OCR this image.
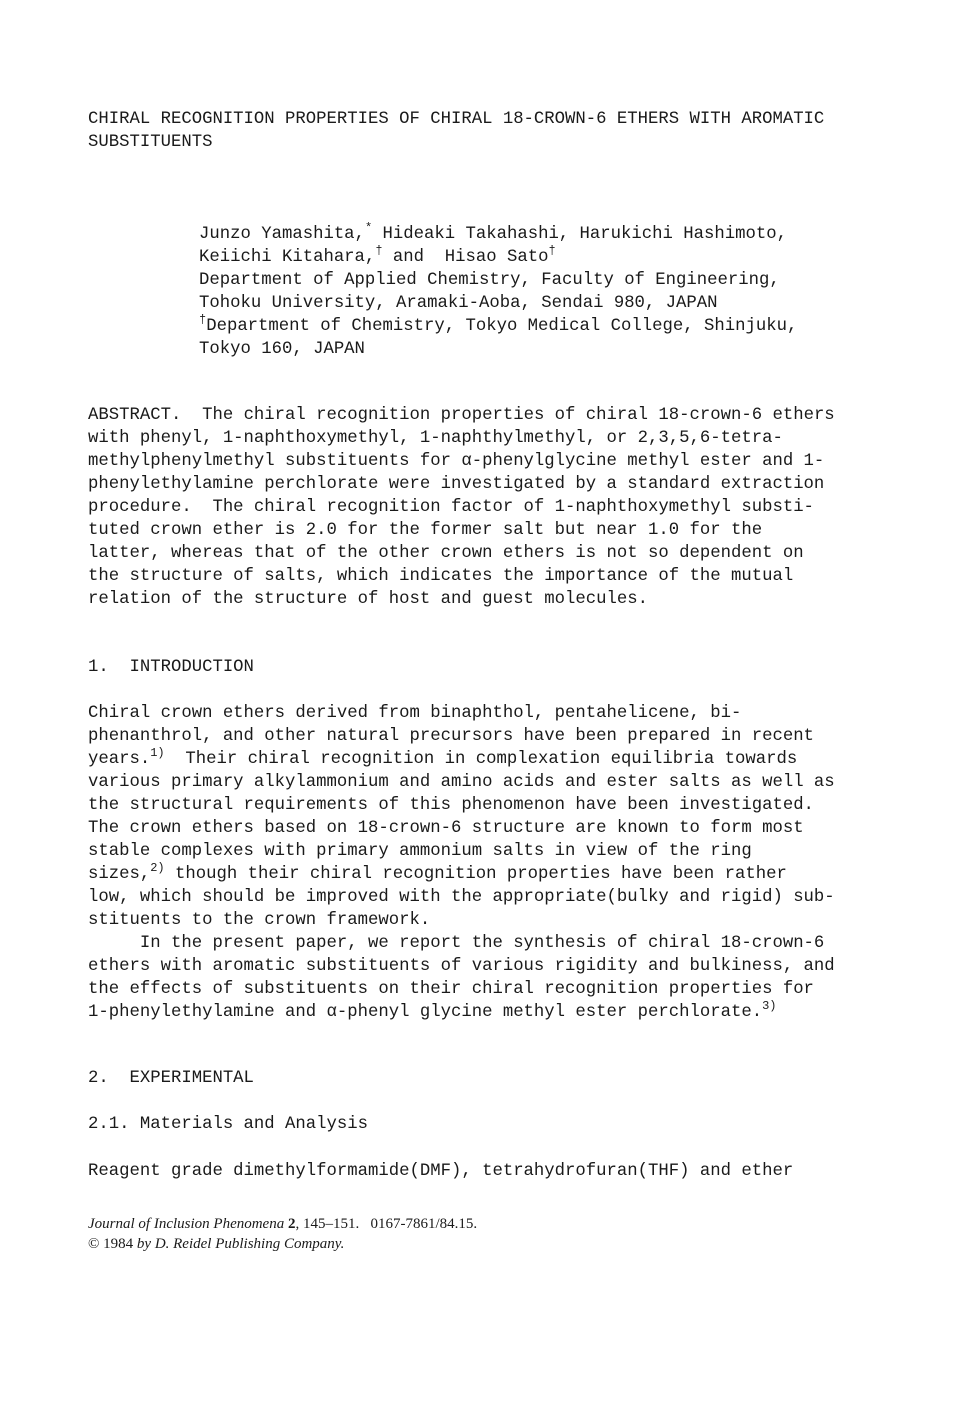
CHIRAL RECOGNITION PROPERTIES OF CHIRAL 18-CROWN-6 ETHERS WITH AROMATIC
SUBSTITUENTS
Junzo Yamashita,* Hideaki Takahashi, Harukichi Hashimoto,
Keiichi Kitahara,† and  Hisao Sato†
Department of Applied Chemistry, Faculty of Engineering,
Tohoku University, Aramaki-Aoba, Sendai 980, JAPAN
†Department of Chemistry, Tokyo Medical College, Shinjuku,
Tokyo 160, JAPAN
ABSTRACT.  The chiral recognition properties of chiral 18-crown-6 ethers
with phenyl, 1-naphthoxymethyl, 1-naphthylmethyl, or 2,3,5,6-tetra-
methylphenylmethyl substituents for α-phenylglycine methyl ester and 1-
phenylethylamine perchlorate were investigated by a standard extraction
procedure.  The chiral recognition factor of 1-naphthoxymethyl substi-
tuted crown ether is 2.0 for the former salt but near 1.0 for the
latter, whereas that of the other crown ethers is not so dependent on
the structure of salts, which indicates the importance of the mutual
relation of the structure of host and guest molecules.
1.  INTRODUCTION
Chiral crown ethers derived from binaphthol, pentahelicene, bi-
phenanthrol, and other natural precursors have been prepared in recent
years.$^{1)}$  Their chiral recognition in complexation equilibria towards
various primary alkylammonium and amino acids and ester salts as well as
the structural requirements of this phenomenon have been investigated.
The crown ethers based on 18-crown-6 structure are known to form most
stable complexes with primary ammonium salts in view of the ring
sizes,$^{2)}$ though their chiral recognition properties have been rather
low, which should be improved with the appropriate(bulky and rigid) sub-
stituents to the crown framework.
In the present paper, we report the synthesis of chiral 18-crown-6
ethers with aromatic substituents of various rigidity and bulkiness, and
the effects of substituents on their chiral recognition properties for
1-phenylethylamine and α-phenyl glycine methyl ester perchlorate.$^{3)}$
2.  EXPERIMENTAL
2.1. Materials and Analysis
Reagent grade dimethylformamide(DMF), tetrahydrofuran(THF) and ether
Journal of Inclusion Phenomena 2, 145–151. 0167-7861/84.15.
© 1984 by D. Reidel Publishing Company.
